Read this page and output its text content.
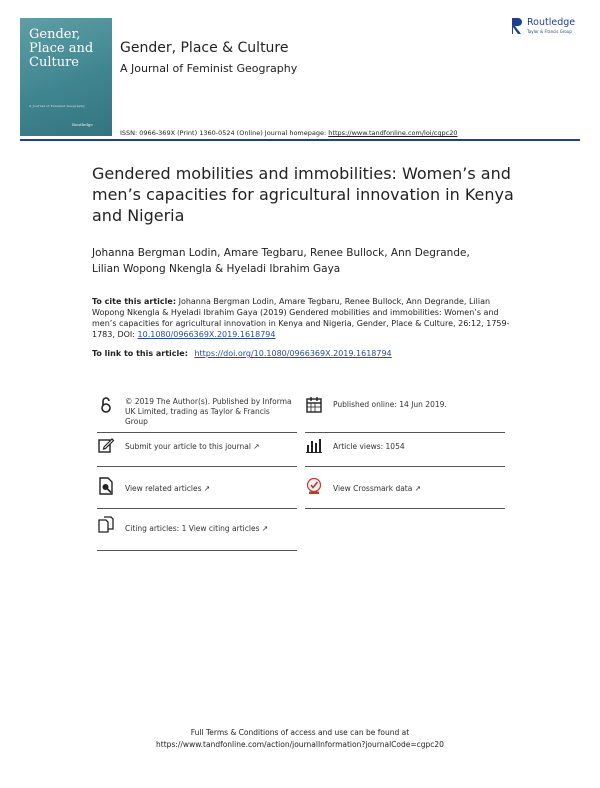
Gender,
Place and
Culture
A Journal of Feminist Geography
Routledge
Gender, Place & Culture
A Journal of Feminist Geography
ISSN: 0966-369X (Print) 1360-0524 (Online) Journal homepage: https://www.tandfonline.com/loi/cgpc20
Routledge
Taylor & Francis Group
Gendered mobilities and immobilities: Women’s and men’s capacities for agricultural innovation in Kenya and Nigeria
Johanna Bergman Lodin, Amare Tegbaru, Renee Bullock, Ann Degrande,
Lilian Wopong Nkengla & Hyeladi Ibrahim Gaya
To cite this article: Johanna Bergman Lodin, Amare Tegbaru, Renee Bullock, Ann Degrande, Lilian Wopong Nkengla & Hyeladi Ibrahim Gaya (2019) Gendered mobilities and immobilities: Women’s and men’s capacities for agricultural innovation in Kenya and Nigeria, Gender, Place & Culture, 26:12, 1759-1783, DOI: 10.1080/0966369X.2019.1618794
To link to this article: https://doi.org/10.1080/0966369X.2019.1618794
© 2019 The Author(s). Published by Informa UK Limited, trading as Taylor & Francis Group
Published online: 14 Jun 2019.
Submit your article to this journal ↗	Article views: 1054
View related articles ↗	View Crossmark data ↗
Citing articles: 1 View citing articles ↗
Full Terms & Conditions of access and use can be found at
https://www.tandfonline.com/action/journalInformation?journalCode=cgpc20
